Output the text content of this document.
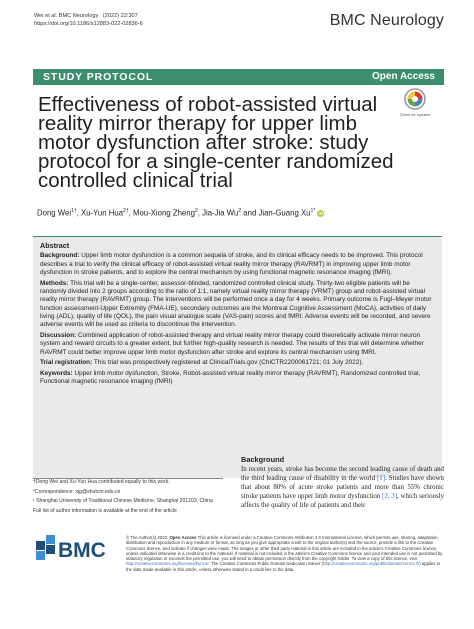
Wei et al. BMC Neurology (2022) 22:307
https://doi.org/10.1186/s12883-022-02836-6	BMC Neurology
STUDY PROTOCOL	Open Access
Effectiveness of robot-assisted virtual reality mirror therapy for upper limb motor dysfunction after stroke: study protocol for a single-center randomized controlled clinical trial
Check for updates
Dong Wei$^{1\dagger}$, Xu-Yun Hua$^{2\dagger}$, Mou-Xiong Zheng$^2$, Jia-Jia Wu$^2$ and Jian-Guang $Xu^{1*}$ iD
Abstract

Background: Upper limb motor dysfunction is a common sequela of stroke, and its clinical efficacy needs to be improved. This protocol describes a trial to verify the clinical efficacy of robot-assisted virtual reality mirror therapy (RAVRMT) in improving upper limb motor dysfunction in stroke patients, and to explore the central mechanism by using functional magnetic resonance imaging (fMRI).

Methods: This trial will be a single-center, assessor-blinded, randomized controlled clinical study. Thirty-two eligible patients will be randomly divided into 2 groups according to the ratio of 1:1, namely virtual reality mirror therapy (VRMT) group and robot-assisted virtual reality mirror therapy (RAVRMT) group. The interventions will be performed once a day for 4 weeks. Primary outcome is Fugl–Meyer motor function assessment-Upper Extremity (FMA-UE), secondary outcomes are the Montreal Cognitive Assessment (MoCA), activities of daily living (ADL), quality of life (QOL), the pain visual analogue scale (VAS-pain) scores and fMRI. Adverse events will be recorded, and severe adverse events will be used as criteria to discontinue the intervention.

Discussion: Combined application of robot-assisted therapy and virtual reality mirror therapy could theoretically activate mirror neuron system and reward circuits to a greater extent, but further high-quality research is needed. The results of this trial will determine whether RAVRMT could better improve upper limb motor dysfunction after stroke and explore its central mechanism using fMRI.

Trial registration: This trial was prospectively registered at ClinicalTrials.gov (ChiCTR2200061721; 01 July 2022).

Keywords: Upper limb motor dysfunction, Stroke, Robot-assisted virtual reality mirror therapy (RAVRMT), Randomized controlled trial, Functional magnetic resonance imaging (fMRI)

†Dong Wei and Xu-Yun Hua contributed equally to this work.

*Correspondence: xjg@shutcm.edu.cn

¹ Shanghai University of Traditional Chinese Medicine, Shanghai 201203, China

Full list of author information is available at the end of the article

Background
In recent years, stroke has become the second leading cause of death and the third leading cause of disability in the world [1]. Studies have shown that about 80% of acute stroke patients and more than 55% chronic stroke patients have upper limb motor dysfunction [2, 3], which seriously affects the quality of life of patients and their
BMC
© The Author(s) 2022. Open Access This article is licensed under a Creative Commons Attribution 4.0 International License, which permits use, sharing, adaptation, distribution and reproduction in any medium or format, as long as you give appropriate credit to the original author(s) and the source, provide a link to the Creative Commons licence, and indicate if changes were made. The images or other third party material in this article are included in the article's Creative Commons licence, unless indicated otherwise in a credit line to the material. If material is not included in the article's Creative Commons licence and your intended use is not permitted by statutory regulation or exceeds the permitted use, you will need to obtain permission directly from the copyright holder. To view a copy of this licence, visit http://creativecommons.org/licenses/by/4.0/. The Creative Commons Public Domain Dedication waiver (http://creativecommons.org/publicdomain/zero/1.0/) applies to the data made available in this article, unless otherwise stated in a credit line to the data.
